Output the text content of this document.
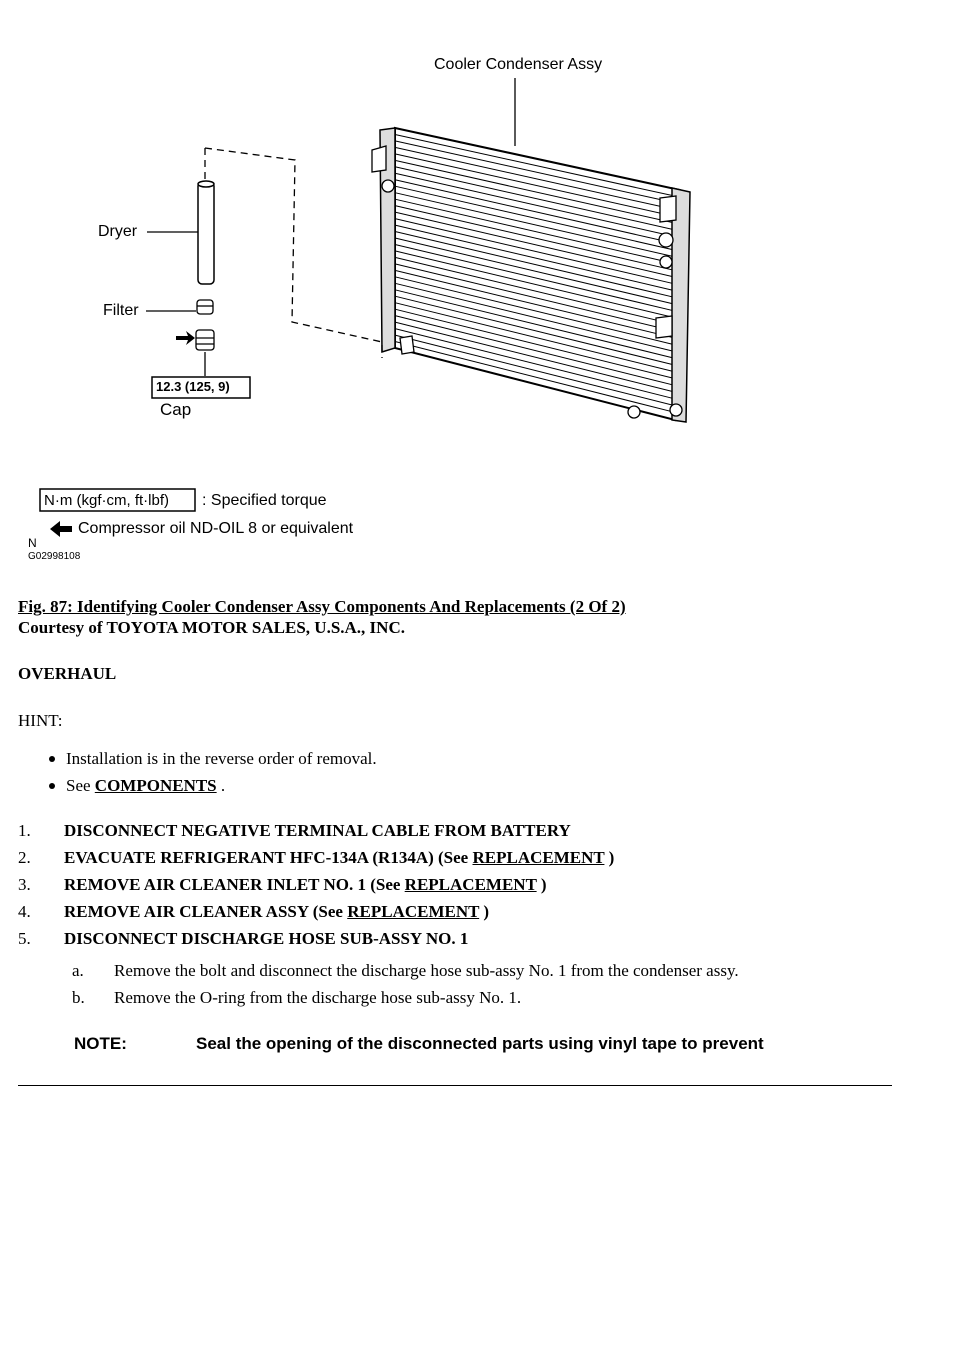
Cooler Condenser Assy
Dryer
Filter
12.3 (125, 9)
Cap
N·m (kgf·cm, ft·lbf) : Specified torque
Compressor oil ND-OIL 8 or equivalent
N
G02998108
Fig. 87: Identifying Cooler Condenser Assy Components And Replacements (2 Of 2)
Courtesy of TOYOTA MOTOR SALES, U.S.A., INC.
OVERHAUL
HINT:
Installation is in the reverse order of removal.
See COMPONENTS .
1. DISCONNECT NEGATIVE TERMINAL CABLE FROM BATTERY
2. EVACUATE REFRIGERANT HFC-134A (R134A) (See REPLACEMENT )
3. REMOVE AIR CLEANER INLET NO. 1 (See REPLACEMENT )
4. REMOVE AIR CLEANER ASSY (See REPLACEMENT )
5. DISCONNECT DISCHARGE HOSE SUB-ASSY NO. 1
a. Remove the bolt and disconnect the discharge hose sub-assy No. 1 from the condenser assy.
b. Remove the O-ring from the discharge hose sub-assy No. 1.
NOTE:	Seal the opening of the disconnected parts using vinyl tape to prevent
